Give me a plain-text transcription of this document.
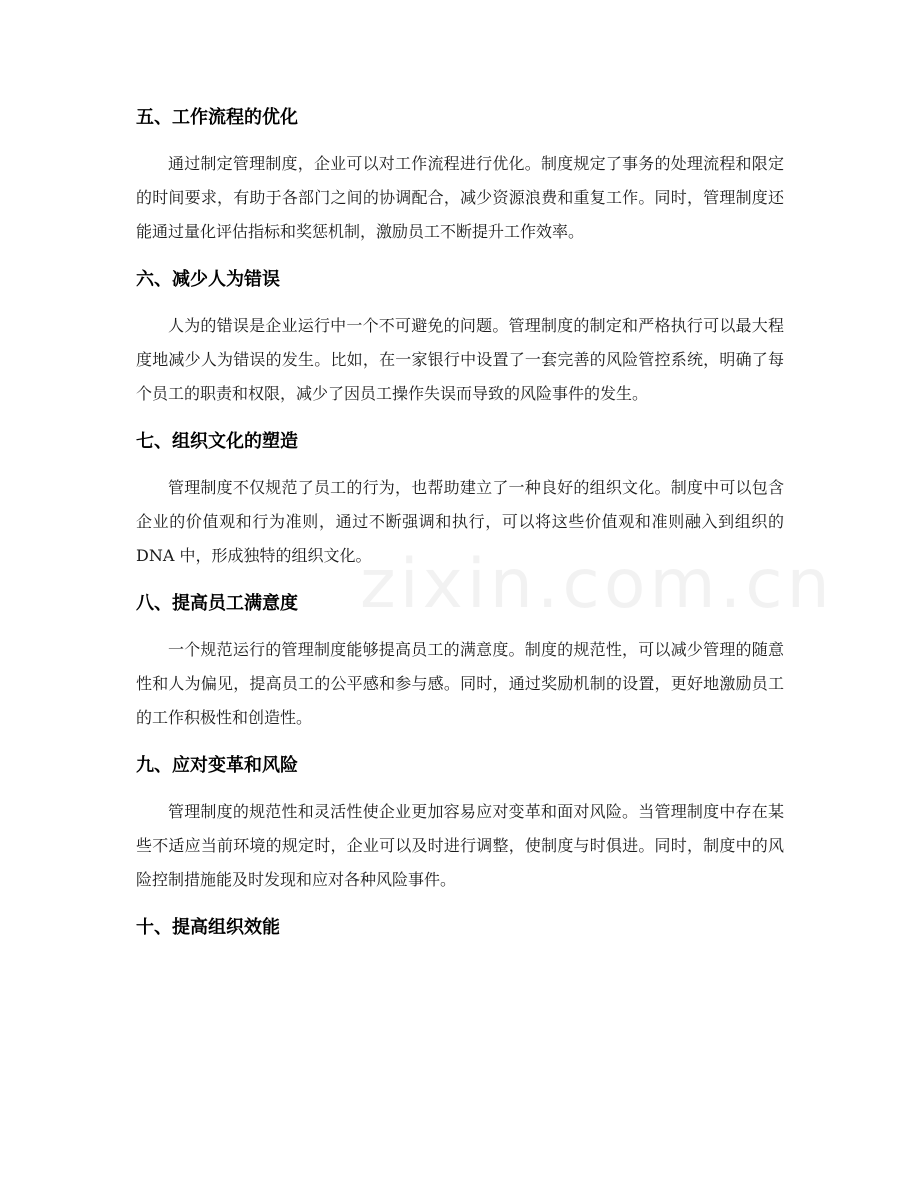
五、工作流程的优化

通过制定管理制度，企业可以对工作流程进行优化。制度规定了事务的处理流程和限定的时间要求，有助于各部门之间的协调配合，减少资源浪费和重复工作。同时，管理制度还能通过量化评估指标和奖惩机制，激励员工不断提升工作效率。

六、减少人为错误

人为的错误是企业运行中一个不可避免的问题。管理制度的制定和严格执行可以最大程度地减少人为错误的发生。比如，在一家银行中设置了一套完善的风险管控系统，明确了每个员工的职责和权限，减少了因员工操作失误而导致的风险事件的发生。

七、组织文化的塑造

管理制度不仅规范了员工的行为，也帮助建立了一种良好的组织文化。制度中可以包含企业的价值观和行为准则，通过不断强调和执行，可以将这些价值观和准则融入到组织的 DNA 中，形成独特的组织文化。

八、提高员工满意度

一个规范运行的管理制度能够提高员工的满意度。制度的规范性，可以减少管理的随意性和人为偏见，提高员工的公平感和参与感。同时，通过奖励机制的设置，更好地激励员工的工作积极性和创造性。

九、应对变革和风险

管理制度的规范性和灵活性使企业更加容易应对变革和面对风险。当管理制度中存在某些不适应当前环境的规定时，企业可以及时进行调整，使制度与时俱进。同时，制度中的风险控制措施能及时发现和应对各种风险事件。

十、提高组织效能
zixin.com.cn
